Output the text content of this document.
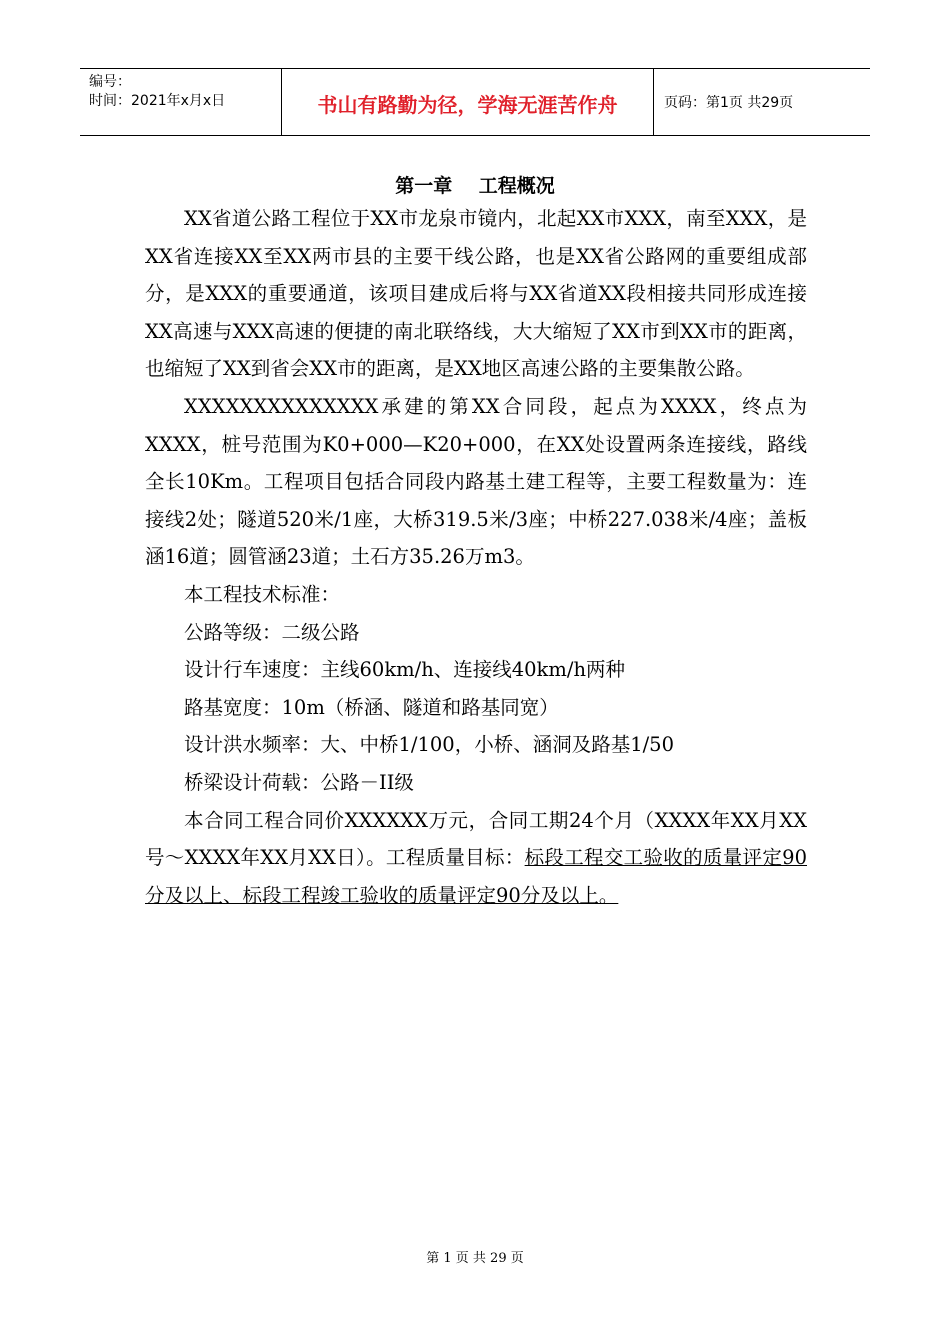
编号：
时间：2021年x月x日	书山有路勤为径，学海无涯苦作舟	页码：第1页 共29页
第一章    工程概况

XX省道公路工程位于XX市龙泉市镜内，北起XX市XXX，南至XXX，是XX省连接XX至XX两市县的主要干线公路，也是XX省公路网的重要组成部分，是XXX的重要通道，该项目建成后将与XX省道XX段相接共同形成连接XX高速与XXX高速的便捷的南北联络线，大大缩短了XX市到XX市的距离，也缩短了XX到省会XX市的距离，是XX地区高速公路的主要集散公路。

XXXXXXXXXXXXXX承建的第XX合同段，起点为XXXX，终点为XXXX，桩号范围为K0+000—K20+000，在XX处设置两条连接线，路线全长10Km。工程项目包括合同段内路基土建工程等，主要工程数量为：连接线2处；隧道520米/1座，大桥319.5米/3座；中桥227.038米/4座；盖板涵16道；圆管涵23道；土石方35.26万m3。

本工程技术标准：

公路等级：二级公路

设计行车速度：主线60km/h、连接线40km/h两种

路基宽度：10m（桥涵、隧道和路基同宽）

设计洪水频率：大、中桥1/100，小桥、涵洞及路基1/50

桥梁设计荷载：公路－II级

本合同工程合同价XXXXXX万元，合同工期24个月（XXXX年XX月XX号～XXXX年XX月XX日）。工程质量目标：标段工程交工验收的质量评定90分及以上、标段工程竣工验收的质量评定90分及以上。

第 1 页 共 29 页
